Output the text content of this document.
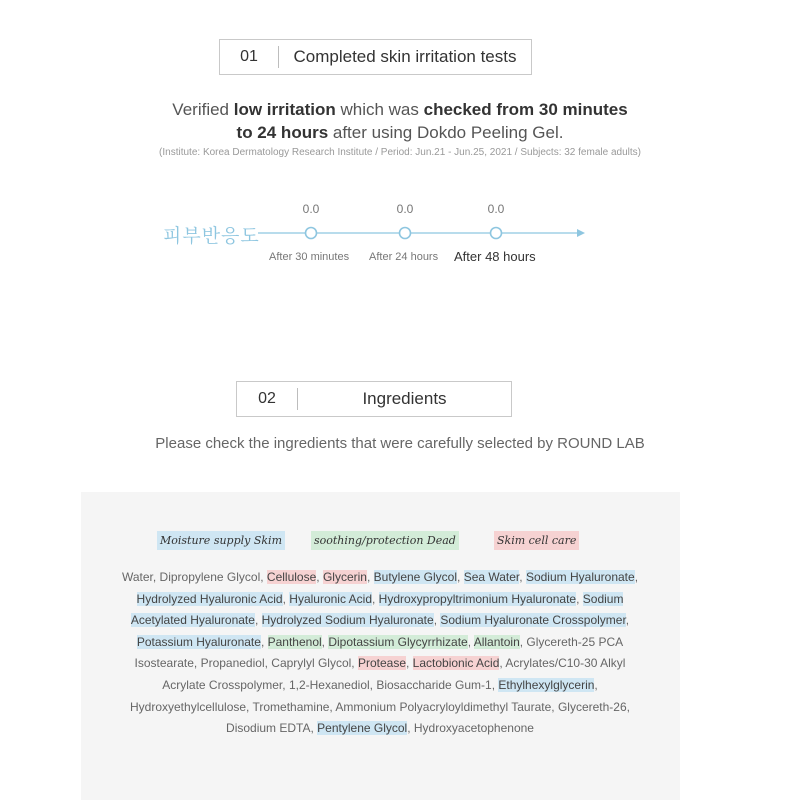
01	Completed skin irritation tests
Verified low irritation which was checked from 30 minutes
to 24 hours after using Dokdo Peeling Gel.
(Institute: Korea Dermatology Research Institute / Period: Jun.21 - Jun.25, 2021 / Subjects: 32 female adults)
피부반응도
0.0	0.0	0.0
After 30 minutes After 24 hours After 48 hours
02	Ingredients
Please check the ingredients that were carefully selected by ROUND LAB
Moisture supply Skim	soothing/protection Dead	Skim cell care
Water, Dipropylene Glycol, Cellulose, Glycerin, Butylene Glycol, Sea Water, Sodium Hyaluronate, Hydrolyzed Hyaluronic Acid, Hyaluronic Acid, Hydroxypropyltrimonium Hyaluronate, Sodium Acetylated Hyaluronate, Hydrolyzed Sodium Hyaluronate, Sodium Hyaluronate Crosspolymer, Potassium Hyaluronate, Panthenol, Dipotassium Glycyrrhizate, Allantoin, Glycereth-25 PCA Isostearate, Propanediol, Caprylyl Glycol, Protease, Lactobionic Acid, Acrylates/C10-30 Alkyl Acrylate Crosspolymer, 1,2-Hexanediol, Biosaccharide Gum-1, Ethylhexylglycerin, Hydroxyethylcellulose, Tromethamine, Ammonium Polyacryloyldimethyl Taurate, Glycereth-26, Disodium EDTA, Pentylene Glycol, Hydroxyacetophenone
